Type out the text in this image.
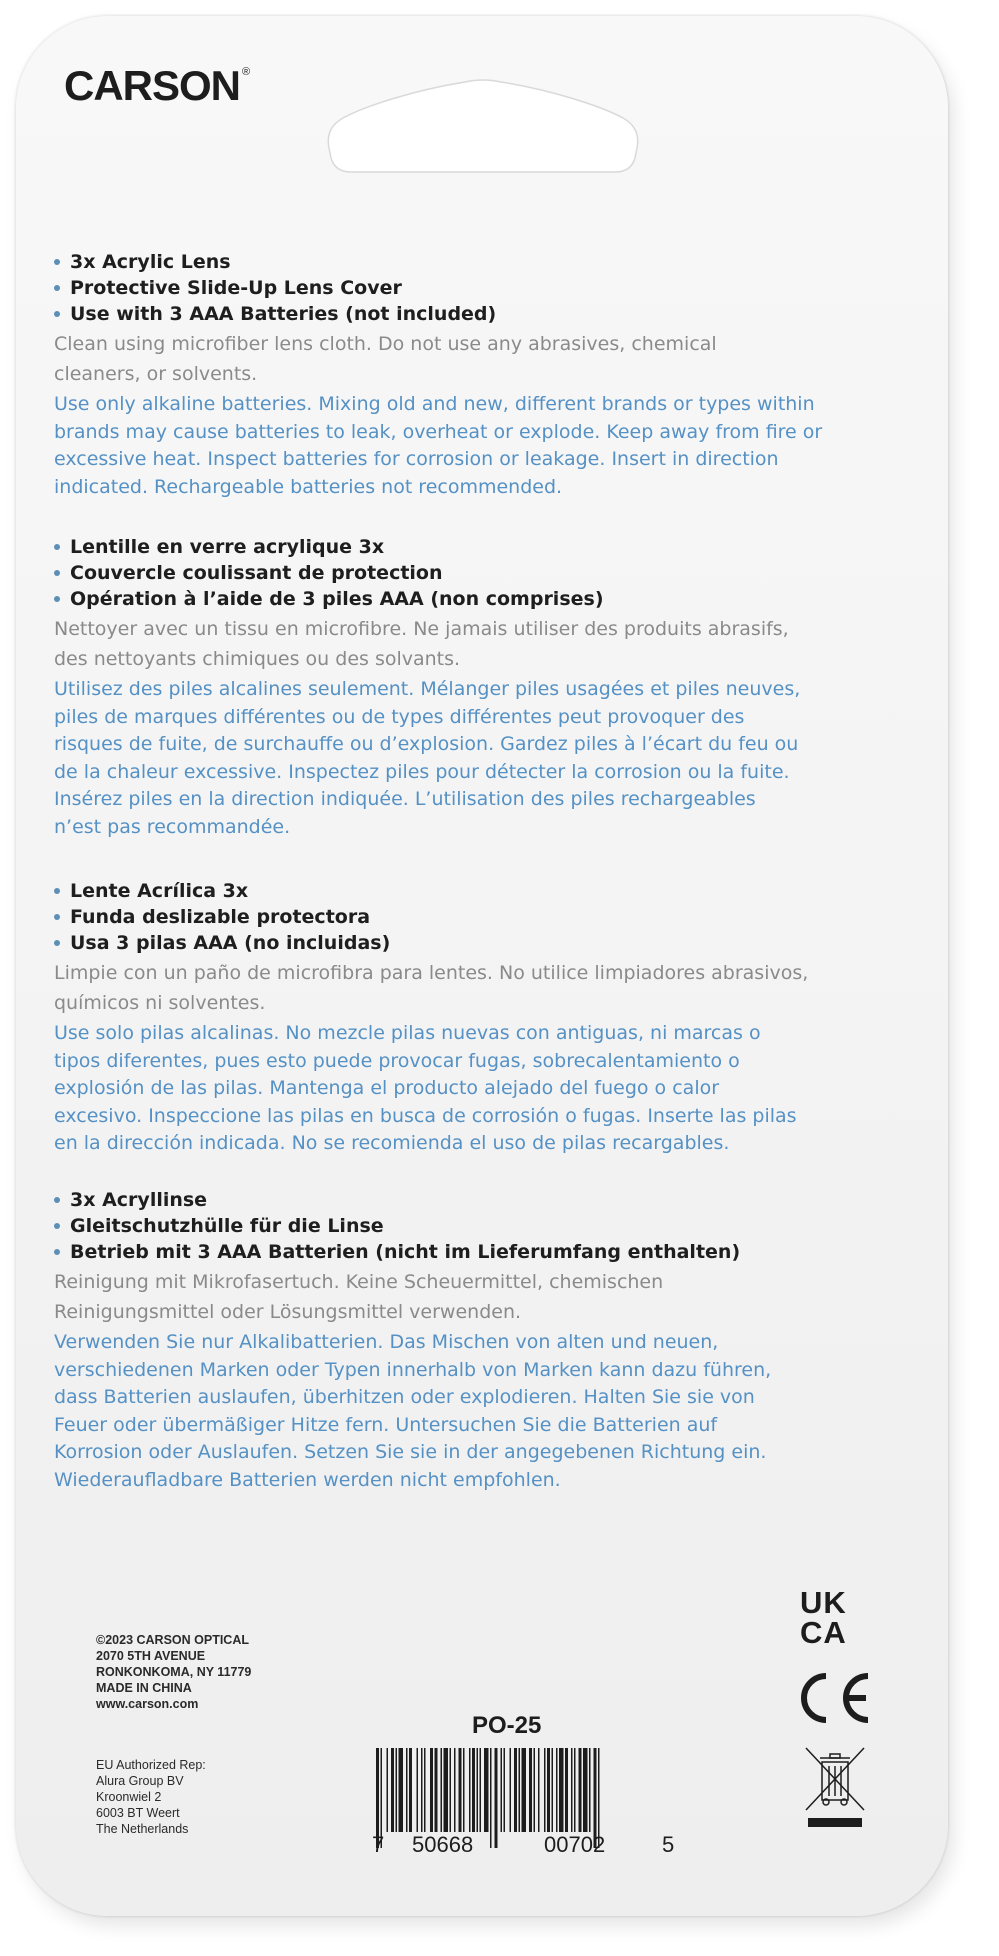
CARSON ®
3x Acrylic Lens
Protective Slide-Up Lens Cover
Use with 3 AAA Batteries (not included)
Clean using microfiber lens cloth. Do not use any abrasives, chemical
cleaners, or solvents.
Use only alkaline batteries. Mixing old and new, different brands or types within
brands may cause batteries to leak, overheat or explode. Keep away from fire or
excessive heat. Inspect batteries for corrosion or leakage. Insert in direction
indicated. Rechargeable batteries not recommended.
Lentille en verre acrylique 3x
Couvercle coulissant de protection
Opération à l’aide de 3 piles AAA (non comprises)
Nettoyer avec un tissu en microfibre. Ne jamais utiliser des produits abrasifs,
des nettoyants chimiques ou des solvants.
Utilisez des piles alcalines seulement. Mélanger piles usagées et piles neuves,
piles de marques différentes ou de types différentes peut provoquer des
risques de fuite, de surchauffe ou d’explosion. Gardez piles à l’écart du feu ou
de la chaleur excessive. Inspectez piles pour détecter la corrosion ou la fuite.
Insérez piles en la direction indiquée. L’utilisation des piles rechargeables
n’est pas recommandée.
Lente Acrílica 3x
Funda deslizable protectora
Usa 3 pilas AAA (no incluidas)
Limpie con un paño de microfibra para lentes. No utilice limpiadores abrasivos,
químicos ni solventes.
Use solo pilas alcalinas. No mezcle pilas nuevas con antiguas, ni marcas o
tipos diferentes, pues esto puede provocar fugas, sobrecalentamiento o
explosión de las pilas. Mantenga el producto alejado del fuego o calor
excesivo. Inspeccione las pilas en busca de corrosión o fugas. Inserte las pilas
en la dirección indicada. No se recomienda el uso de pilas recargables.
3x Acryllinse
Gleitschutzhülle für die Linse
Betrieb mit 3 AAA Batterien (nicht im Lieferumfang enthalten)
Reinigung mit Mikrofasertuch. Keine Scheuermittel, chemischen
Reinigungsmittel oder Lösungsmittel verwenden.
Verwenden Sie nur Alkalibatterien. Das Mischen von alten und neuen,
verschiedenen Marken oder Typen innerhalb von Marken kann dazu führen,
dass Batterien auslaufen, überhitzen oder explodieren. Halten Sie sie von
Feuer oder übermäßiger Hitze fern. Untersuchen Sie die Batterien auf
Korrosion oder Auslaufen. Setzen Sie sie in der angegebenen Richtung ein.
Wiederaufladbare Batterien werden nicht empfohlen.
©2023 CARSON OPTICAL
2070 5TH AVENUE
RONKONKOMA, NY 11779
MADE IN CHINA
www.carson.com
EU Authorized Rep:
Alura Group BV
Kroonwiel 2
6003 BT Weert
The Netherlands
PO-25
7 50668	00702	5
UK
CA
